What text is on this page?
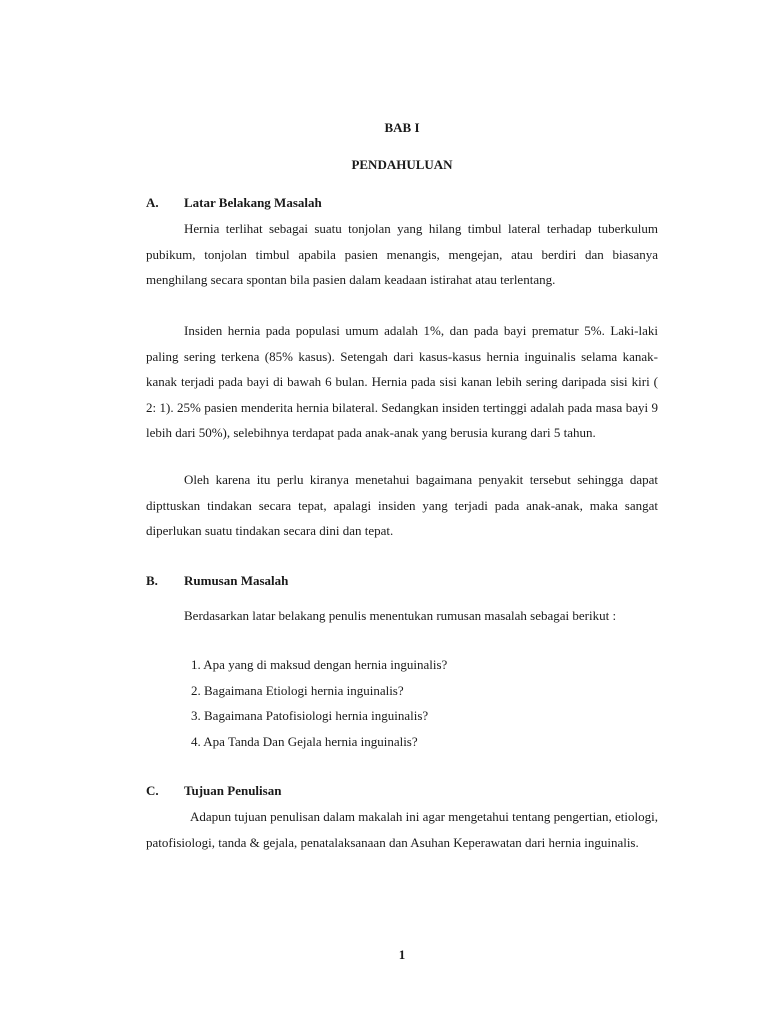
BAB I
PENDAHULUAN
A. Latar Belakang Masalah
Hernia terlihat sebagai suatu tonjolan yang hilang timbul lateral terhadap tuberkulum pubikum, tonjolan timbul apabila pasien menangis, mengejan, atau berdiri dan biasanya menghilang secara spontan bila pasien dalam keadaan istirahat atau terlentang.
Insiden hernia pada populasi umum adalah 1%, dan pada bayi prematur 5%. Laki-laki paling sering terkena (85% kasus). Setengah dari kasus-kasus hernia inguinalis selama kanak-kanak terjadi pada bayi di bawah 6 bulan. Hernia pada sisi kanan lebih sering daripada sisi kiri ( 2: 1). 25% pasien menderita hernia bilateral. Sedangkan insiden tertinggi adalah pada masa bayi 9 lebih dari 50%), selebihnya terdapat pada anak-anak yang berusia kurang dari 5 tahun.
Oleh karena itu perlu kiranya menetahui bagaimana penyakit tersebut sehingga dapat dipttuskan tindakan secara tepat, apalagi insiden yang terjadi pada anak-anak, maka sangat diperlukan suatu tindakan secara dini dan tepat.
B. Rumusan Masalah
Berdasarkan latar belakang penulis menentukan rumusan masalah sebagai berikut :
1. Apa yang di maksud dengan hernia inguinalis?
2. Bagaimana Etiologi hernia inguinalis?
3. Bagaimana Patofisiologi hernia inguinalis?
4. Apa Tanda Dan Gejala hernia inguinalis?
C. Tujuan Penulisan
Adapun tujuan penulisan dalam makalah ini agar mengetahui tentang pengertian, etiologi, patofisiologi, tanda & gejala, penatalaksanaan dan Asuhan Keperawatan dari hernia inguinalis.
1
